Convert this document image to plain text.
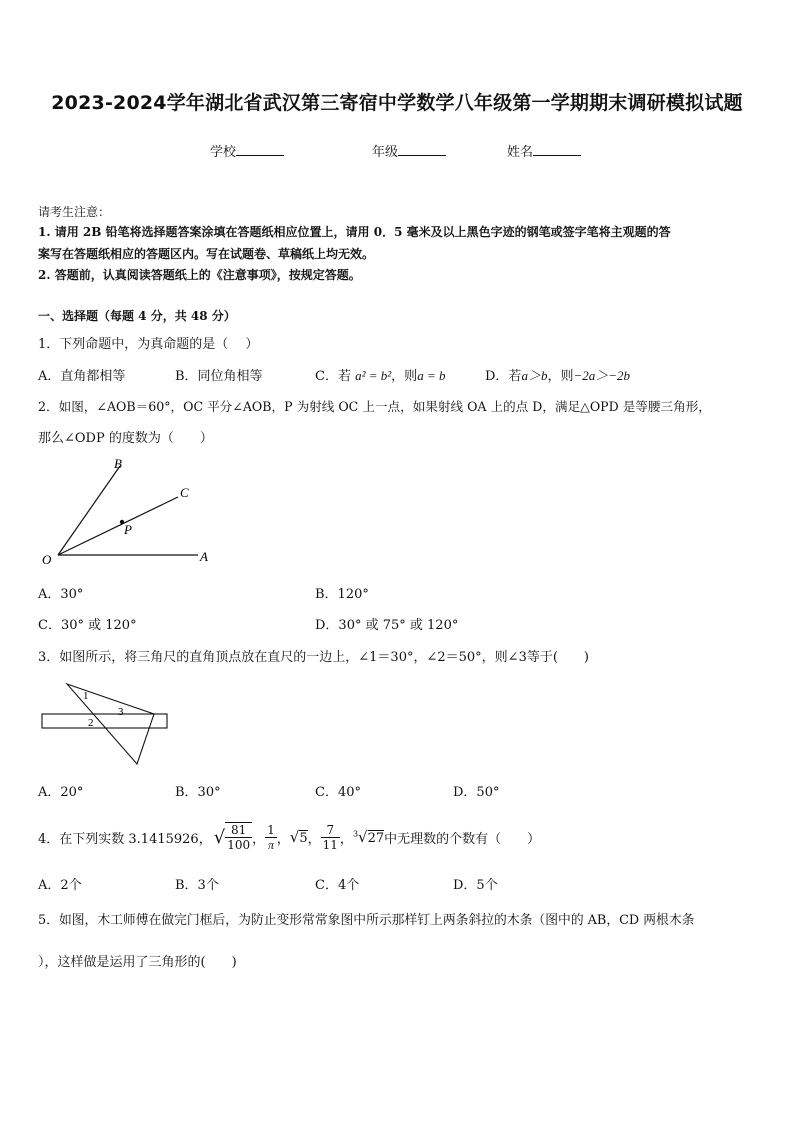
2023-2024学年湖北省武汉第三寄宿中学数学八年级第一学期期末调研模拟试题
学校	年级	姓名
请考生注意：
1. 请用 2B 铅笔将选择题答案涂填在答题纸相应位置上，请用 0．5 毫米及以上黑色字迹的钢笔或签字笔将主观题的答
案写在答题纸相应的答题区内。写在试题卷、草稿纸上均无效。
2. 答题前，认真阅读答题纸上的《注意事项》，按规定答题。
一、选择题（每题 4 分，共 48 分）
1．下列命题中，为真命题的是（　 ）
A．直角都相等	B．同位角相等	C．若 a² = b²，则a = b	D．若a＞b，则−2a＞−2b
2．如图，∠AOB＝60°，OC 平分∠AOB，P 为射线 OC 上一点，如果射线 OA 上的点 D，满足△OPD 是等腰三角形，
那么∠ODP 的度数为（　　）
B
C
P
O	A
A．30°	B．120°
C．30° 或 120°	D．30° 或 75° 或 120°
3．如图所示，将三角尺的直角顶点放在直尺的一边上，∠1＝30°，∠2＝50°，则∠3等于(　　)
1
2
3
A．20°	B．30°	C．40°	D．50°
4．在下列实数 3.1415926， √ $\frac{81}{100}$ ， $\frac{1}{\pi}$ ， √5 ， $\frac{7}{11}$ ， $^3$√27 中无理数的个数有（　　）
A．2个	B．3个	C．4个	D．5个
5．如图，木工师傅在做完门框后，为防止变形常常象图中所示那样钉上两条斜拉的木条（图中的 AB，CD 两根木条
），这样做是运用了三角形的(　　)
